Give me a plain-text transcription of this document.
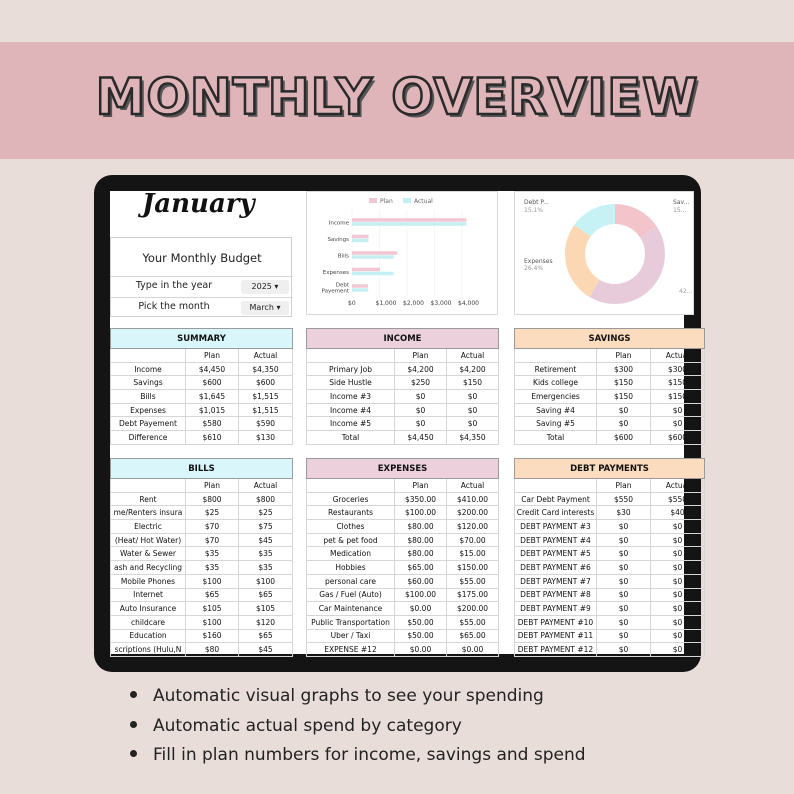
MONTHLY OVERVIEW
January
Your Monthly Budget
Type in the year	2025 ▾
Pick the month	March ▾
Plan	Actual
$0	$1,000 $2,000 $3,000 $4,000
Income
Savings
Bills
Expenses
Debt
Payement
Debt P...
15.1%
Expenses
26.4%
Sav...
15...
42...
SUMMARY		
	Plan	Actual
Income	$4,450	$4,350
Savings	$600	$600
Bills	$1,645	$1,515
Expenses	$1,015	$1,515
Debt Payement	$580	$590
Difference	$610	$130
INCOME		
	Plan	Actual
Primary Job	$4,200	$4,200
Side Hustle	$250	$150
Income #3	$0	$0
Income #4	$0	$0
Income #5	$0	$0
Total	$4,450	$4,350
SAVINGS		
	Plan	Actual
Retirement	$300	$300
Kids college	$150	$150
Emergencies	$150	$150
Saving #4	$0	$0
Saving #5	$0	$0
Total	$600	$600
BILLS		
	Plan	Actual
Rent	$800	$800
me/Renters insura	$25	$25
Electric	$70	$75
(Heat/ Hot Water)	$70	$45
Water & Sewer	$35	$35
ash and Recycling	$35	$35
Mobile Phones	$100	$100
Internet	$65	$65
Auto Insurance	$105	$105
childcare	$100	$120
Education	$160	$65
scriptions (Hulu,N	$80	$45
EXPENSES		
	Plan	Actual
Groceries	$350.00	$410.00
Restaurants	$100.00	$200.00
Clothes	$80.00	$120.00
pet & pet food	$80.00	$70.00
Medication	$80.00	$15.00
Hobbies	$65.00	$150.00
personal care	$60.00	$55.00
Gas / Fuel (Auto)	$100.00	$175.00
Car Maintenance	$0.00	$200.00
Public Transportation	$50.00	$55.00
Uber / Taxi	$50.00	$65.00
EXPENSE #12	$0.00	$0.00
DEBT PAYMENTS		
	Plan	Actual
Car Debt Payment	$550	$550
Credit Card interests	$30	$40
DEBT PAYMENT #3	$0	$0
DEBT PAYMENT #4	$0	$0
DEBT PAYMENT #5	$0	$0
DEBT PAYMENT #6	$0	$0
DEBT PAYMENT #7	$0	$0
DEBT PAYMENT #8	$0	$0
DEBT PAYMENT #9	$0	$0
DEBT PAYMENT #10	$0	$0
DEBT PAYMENT #11	$0	$0
DEBT PAYMENT #12	$0	$0
Automatic visual graphs to see your spending
Automatic actual spend by category
Fill in plan numbers for income, savings and spend
